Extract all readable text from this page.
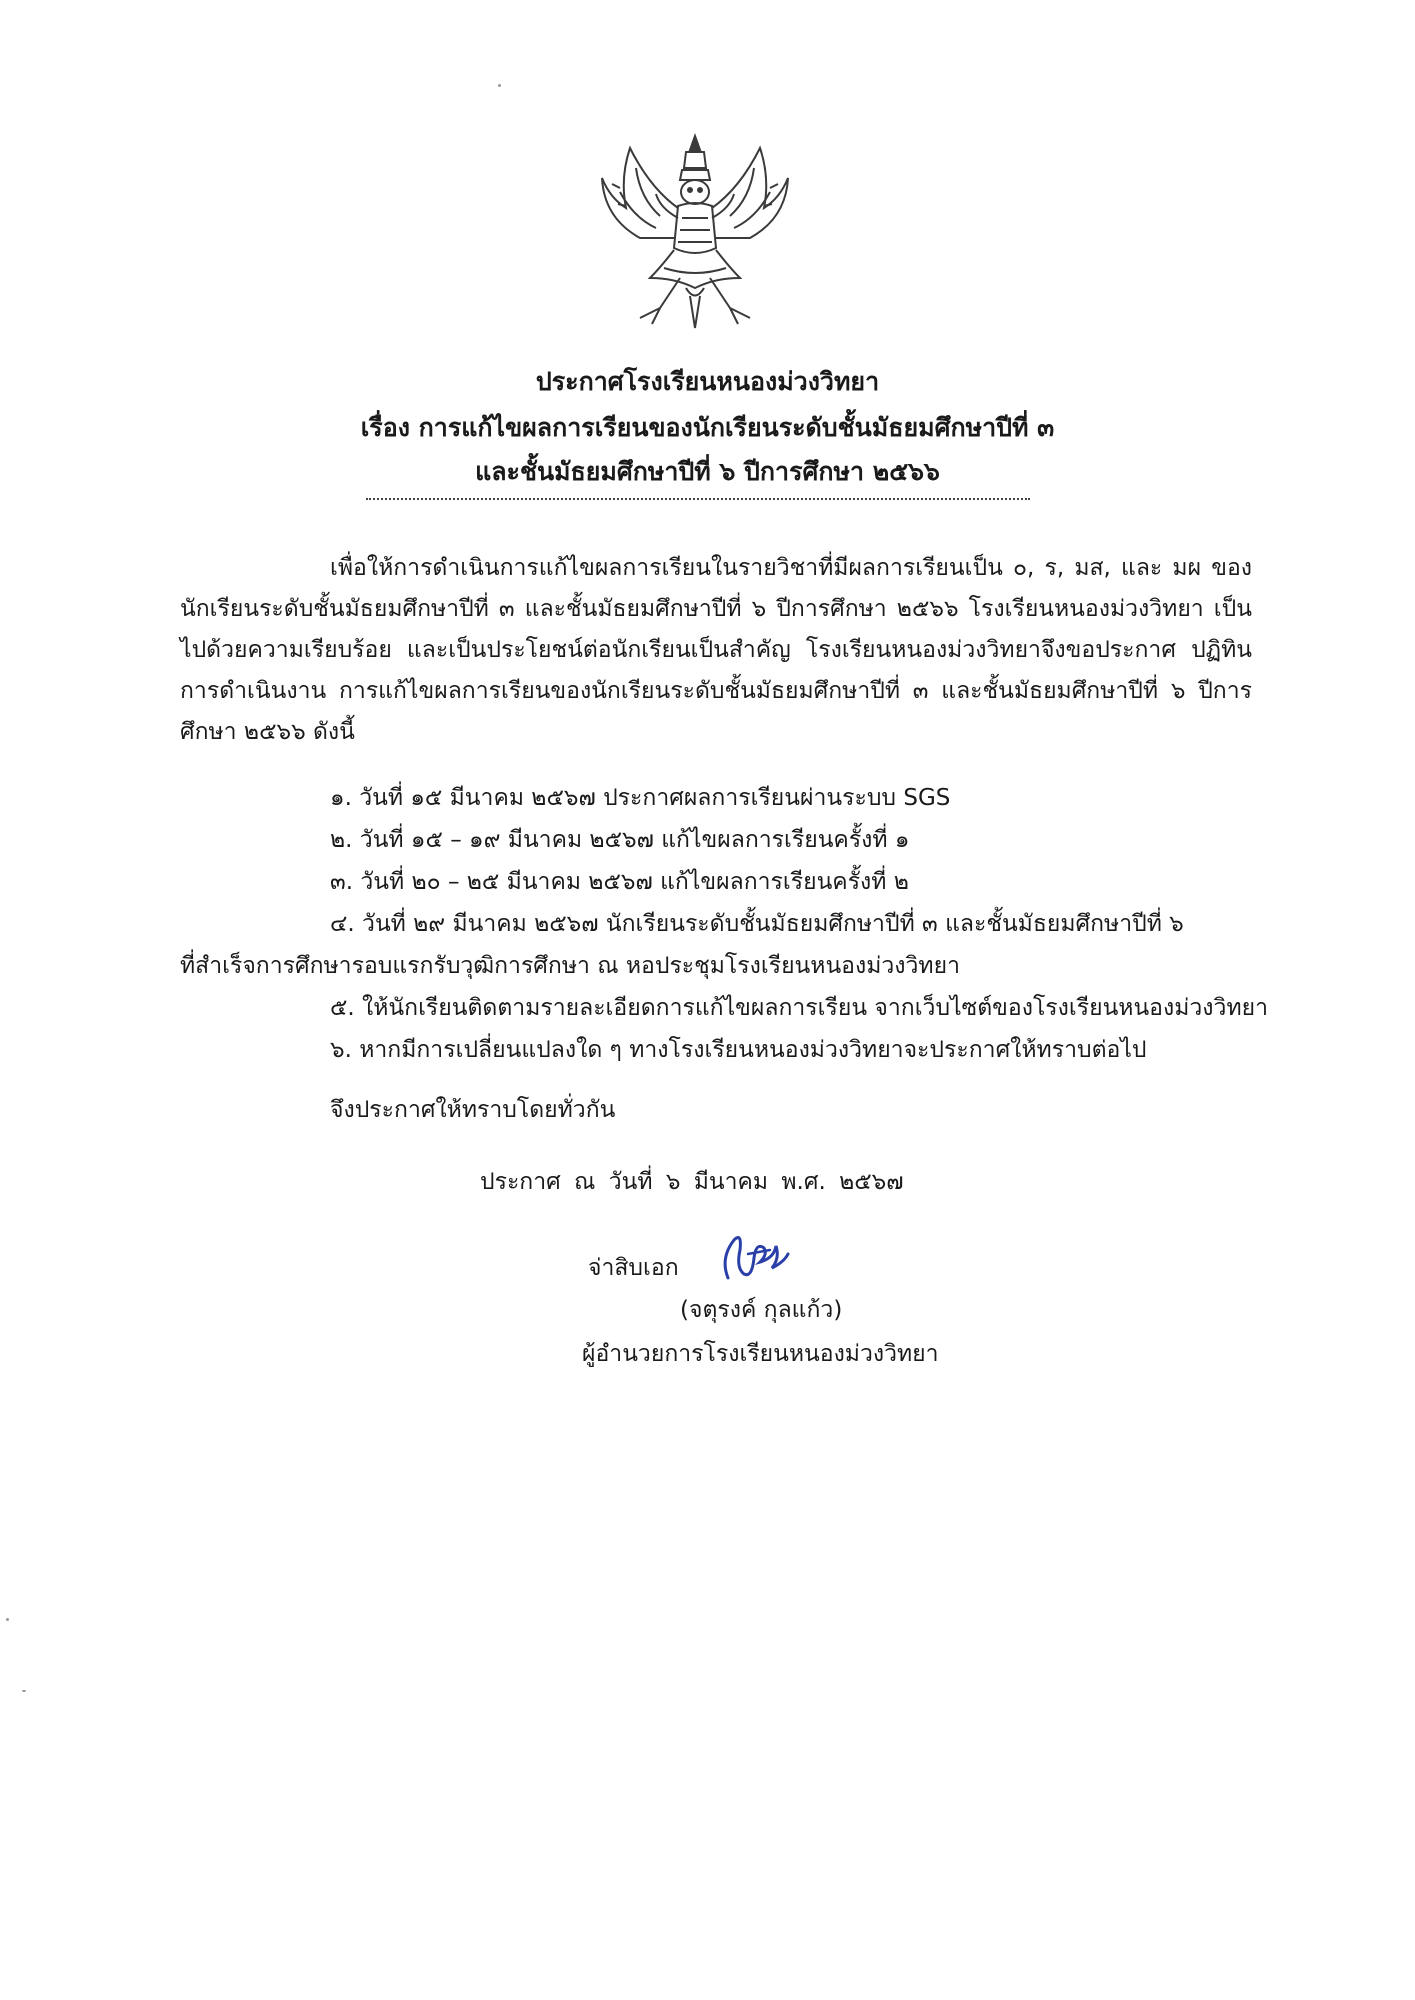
ประกาศโรงเรียนหนองม่วงวิทยา
เรื่อง การแก้ไขผลการเรียนของนักเรียนระดับชั้นมัธยมศึกษาปีที่ ๓
และชั้นมัธยมศึกษาปีที่ ๖ ปีการศึกษา ๒๕๖๖
เพื่อให้การดำเนินการแก้ไขผลการเรียนในรายวิชาที่มีผลการเรียนเป็น ๐, ร, มส, และ มผ ของนักเรียนระดับชั้นมัธยมศึกษาปีที่ ๓ และชั้นมัธยมศึกษาปีที่ ๖ ปีการศึกษา ๒๕๖๖ โรงเรียนหนองม่วงวิทยา เป็นไปด้วยความเรียบร้อย และเป็นประโยชน์ต่อนักเรียนเป็นสำคัญ โรงเรียนหนองม่วงวิทยาจึงขอประกาศ ปฏิทินการดำเนินงาน การแก้ไขผลการเรียนของนักเรียนระดับชั้นมัธยมศึกษาปีที่ ๓ และชั้นมัธยมศึกษาปีที่ ๖ ปีการศึกษา ๒๕๖๖ ดังนี้
๑. วันที่ ๑๕ มีนาคม ๒๕๖๗ ประกาศผลการเรียนผ่านระบบ SGS
๒. วันที่ ๑๕ – ๑๙ มีนาคม ๒๕๖๗ แก้ไขผลการเรียนครั้งที่ ๑
๓. วันที่ ๒๐ – ๒๕ มีนาคม ๒๕๖๗ แก้ไขผลการเรียนครั้งที่ ๒
๔. วันที่ ๒๙ มีนาคม ๒๕๖๗ นักเรียนระดับชั้นมัธยมศึกษาปีที่ ๓ และชั้นมัธยมศึกษาปีที่ ๖
ที่สำเร็จการศึกษารอบแรกรับวุฒิการศึกษา ณ หอประชุมโรงเรียนหนองม่วงวิทยา
๕. ให้นักเรียนติดตามรายละเอียดการแก้ไขผลการเรียน จากเว็บไซต์ของโรงเรียนหนองม่วงวิทยา
๖. หากมีการเปลี่ยนแปลงใด ๆ ทางโรงเรียนหนองม่วงวิทยาจะประกาศให้ทราบต่อไป
จึงประกาศให้ทราบโดยทั่วกัน
ประกาศ ณ วันที่ ๖ มีนาคม พ.ศ. ๒๕๖๗
จ่าสิบเอก
(จตุรงค์ กุลแก้ว)
ผู้อำนวยการโรงเรียนหนองม่วงวิทยา
